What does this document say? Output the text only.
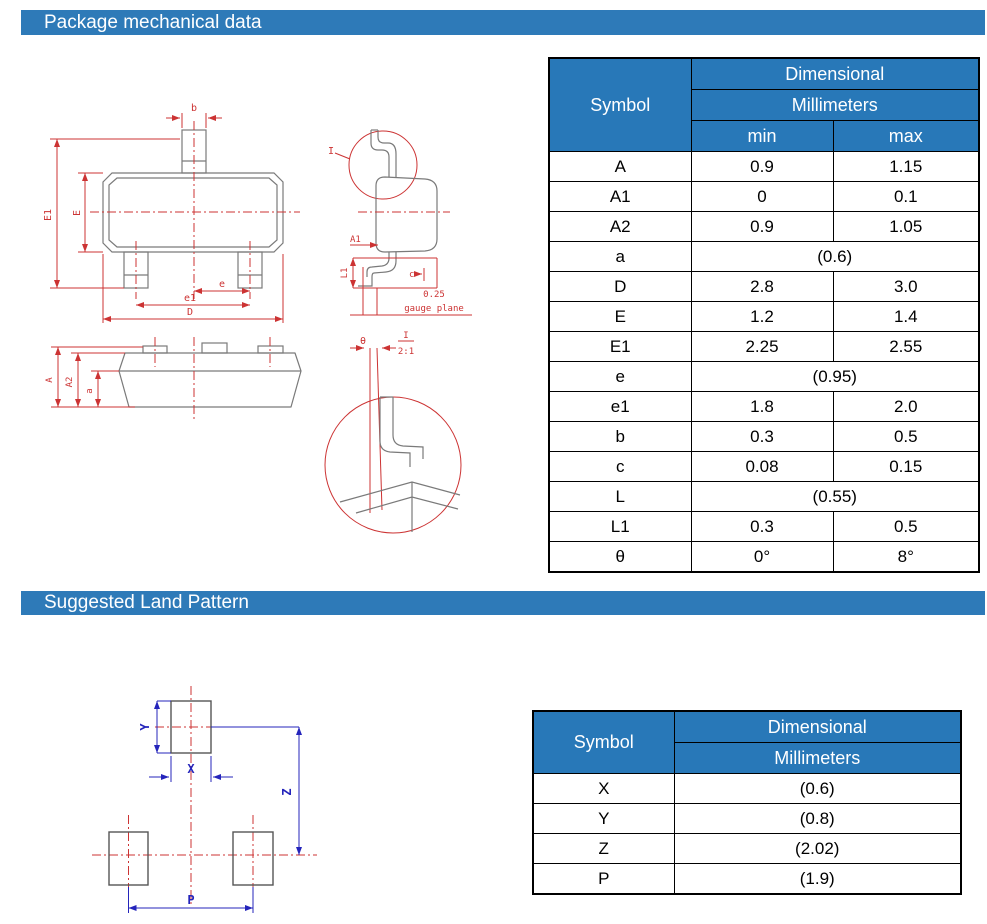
Package mechanical data
E1 E
b
e
e1
D
I
A1
L1	c
0.25
gauge plane
θ	I
2:1
A A2
a
Symbol	Dimensional	
	Millimeters	
	min	max
A	0.9	1.15
A1	0	0.1
A2	0.9	1.05
a	(0.6)	
D	2.8	3.0
E	1.2	1.4
E1	2.25	2.55
e	(0.95)	
e1	1.8	2.0
b	0.3	0.5
c	0.08	0.15
L	(0.55)	
L1	0.3	0.5
θ	0°	8°
Suggested Land Pattern
Y
X
Z
P
Symbol	Dimensional
	Millimeters
X	(0.6)
Y	(0.8)
Z	(2.02)
P	(1.9)
